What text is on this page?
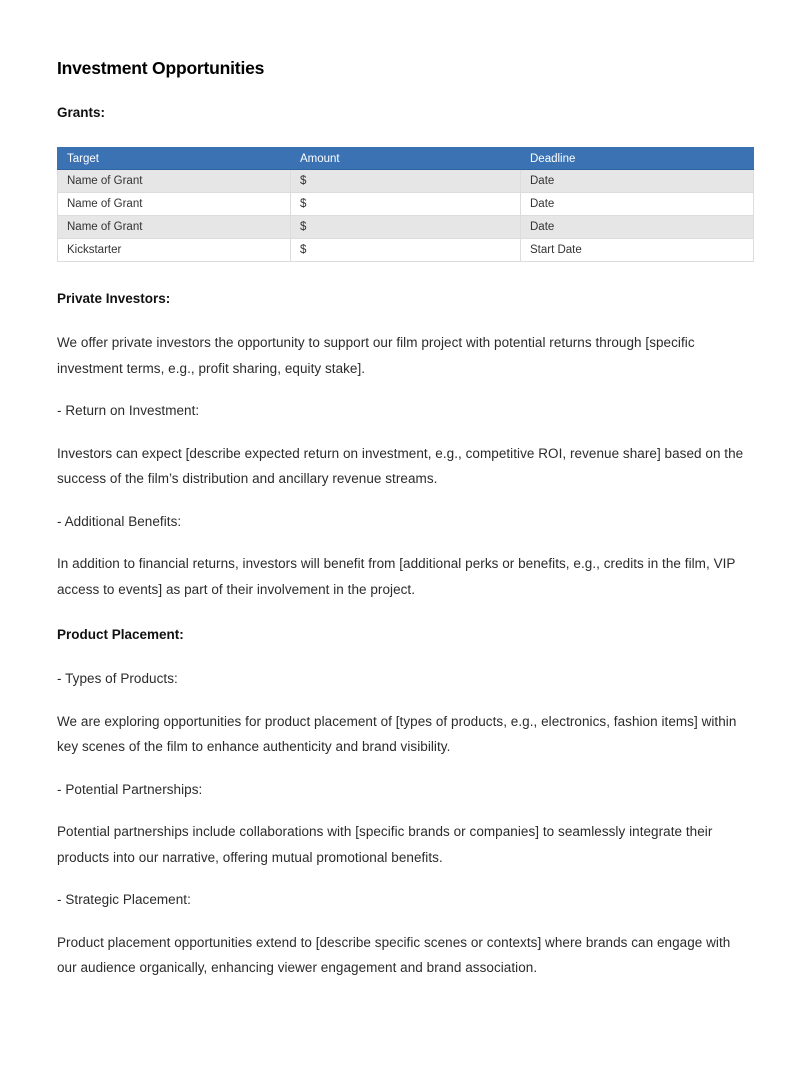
Investment Opportunities
Grants:
Target	Amount	Deadline
Name of Grant	$	Date
Name of Grant	$	Date
Name of Grant	$	Date
Kickstarter	$	Start Date
Private Investors:

We offer private investors the opportunity to support our film project with potential returns through [specific investment terms, e.g., profit sharing, equity stake].

- Return on Investment:

Investors can expect [describe expected return on investment, e.g., competitive ROI, revenue share] based on the success of the film’s distribution and ancillary revenue streams.

- Additional Benefits:

In addition to financial returns, investors will benefit from [additional perks or benefits, e.g., credits in the film, VIP access to events] as part of their involvement in the project.

Product Placement:

- Types of Products:

We are exploring opportunities for product placement of [types of products, e.g., electronics, fashion items] within key scenes of the film to enhance authenticity and brand visibility.

- Potential Partnerships:

Potential partnerships include collaborations with [specific brands or companies] to seamlessly integrate their products into our narrative, offering mutual promotional benefits.

- Strategic Placement:

Product placement opportunities extend to [describe specific scenes or contexts] where brands can engage with our audience organically, enhancing viewer engagement and brand association.
